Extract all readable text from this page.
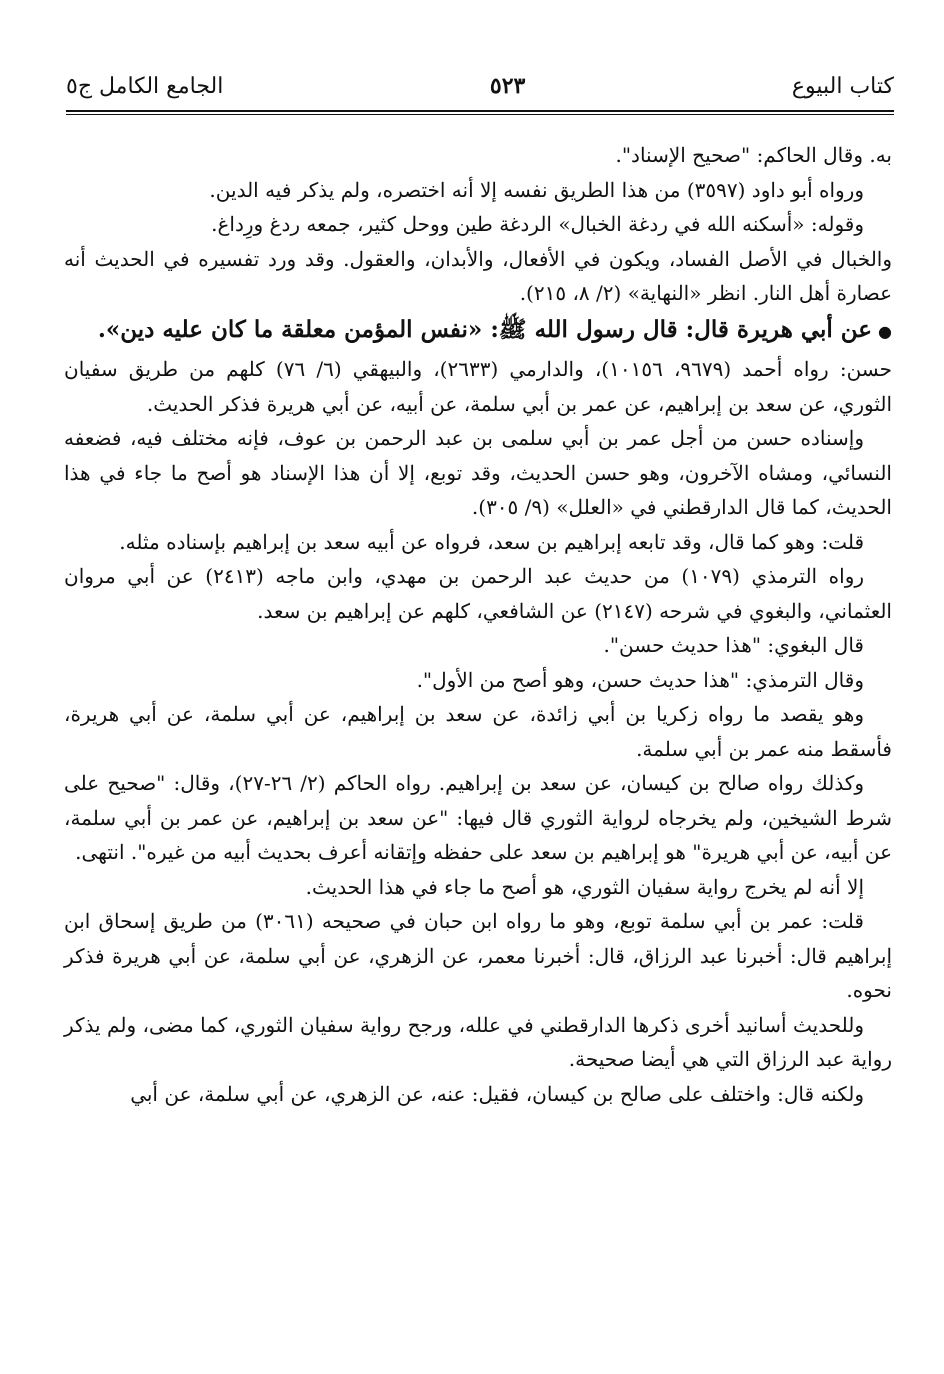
كتاب البيوع
٥٢٣
الجامع الكامل ج٥

به. وقال الحاكم: "صحيح الإسناد".

ورواه أبو داود (٣٥٩٧) من هذا الطريق نفسه إلا أنه اختصره، ولم يذكر فيه الدين.

وقوله: «أسكنه الله في ردغة الخبال» الردغة طين ووحل كثير، جمعه ردغ ورِداغ.

والخبال في الأصل الفساد، ويكون في الأفعال، والأبدان، والعقول. وقد ورد تفسيره في الحديث أنه عصارة أهل النار. انظر «النهاية» (٢/ ٨، ٢١٥).

●عن أبي هريرة قال: قال رسول الله ﷺ: «نفس المؤمن معلقة ما كان عليه دين».

حسن: رواه أحمد (٩٦٧٩، ١٠١٥٦)، والدارمي (٢٦٣٣)، والبيهقي (٦/ ٧٦) كلهم من طريق سفيان الثوري، عن سعد بن إبراهيم، عن عمر بن أبي سلمة، عن أبيه، عن أبي هريرة فذكر الحديث.

وإسناده حسن من أجل عمر بن أبي سلمى بن عبد الرحمن بن عوف، فإنه مختلف فيه، فضعفه النسائي، ومشاه الآخرون، وهو حسن الحديث، وقد توبع، إلا أن هذا الإسناد هو أصح ما جاء في هذا الحديث، كما قال الدارقطني في «العلل» (٩/ ٣٠٥).

قلت: وهو كما قال، وقد تابعه إبراهيم بن سعد، فرواه عن أبيه سعد بن إبراهيم بإسناده مثله.

رواه الترمذي (١٠٧٩) من حديث عبد الرحمن بن مهدي، وابن ماجه (٢٤١٣) عن أبي مروان العثماني، والبغوي في شرحه (٢١٤٧) عن الشافعي، كلهم عن إبراهيم بن سعد.

قال البغوي: "هذا حديث حسن".

وقال الترمذي: "هذا حديث حسن، وهو أصح من الأول".

وهو يقصد ما رواه زكريا بن أبي زائدة، عن سعد بن إبراهيم، عن أبي سلمة، عن أبي هريرة، فأسقط منه عمر بن أبي سلمة.

وكذلك رواه صالح بن كيسان، عن سعد بن إبراهيم. رواه الحاكم (٢/ ٢٦-٢٧)، وقال: "صحيح على شرط الشيخين، ولم يخرجاه لرواية الثوري قال فيها: "عن سعد بن إبراهيم، عن عمر بن أبي سلمة، عن أبيه، عن أبي هريرة" هو إبراهيم بن سعد على حفظه وإتقانه أعرف بحديث أبيه من غيره". انتهى.

إلا أنه لم يخرج رواية سفيان الثوري، هو أصح ما جاء في هذا الحديث.

قلت: عمر بن أبي سلمة توبع، وهو ما رواه ابن حبان في صحيحه (٣٠٦١) من طريق إسحاق ابن إبراهيم قال: أخبرنا عبد الرزاق، قال: أخبرنا معمر، عن الزهري، عن أبي سلمة، عن أبي هريرة فذكر نحوه.

وللحديث أسانيد أخرى ذكرها الدارقطني في علله، ورجح رواية سفيان الثوري، كما مضى، ولم يذكر رواية عبد الرزاق التي هي أيضا صحيحة.

ولكنه قال: واختلف على صالح بن كيسان، فقيل: عنه، عن الزهري، عن أبي سلمة، عن أبي
